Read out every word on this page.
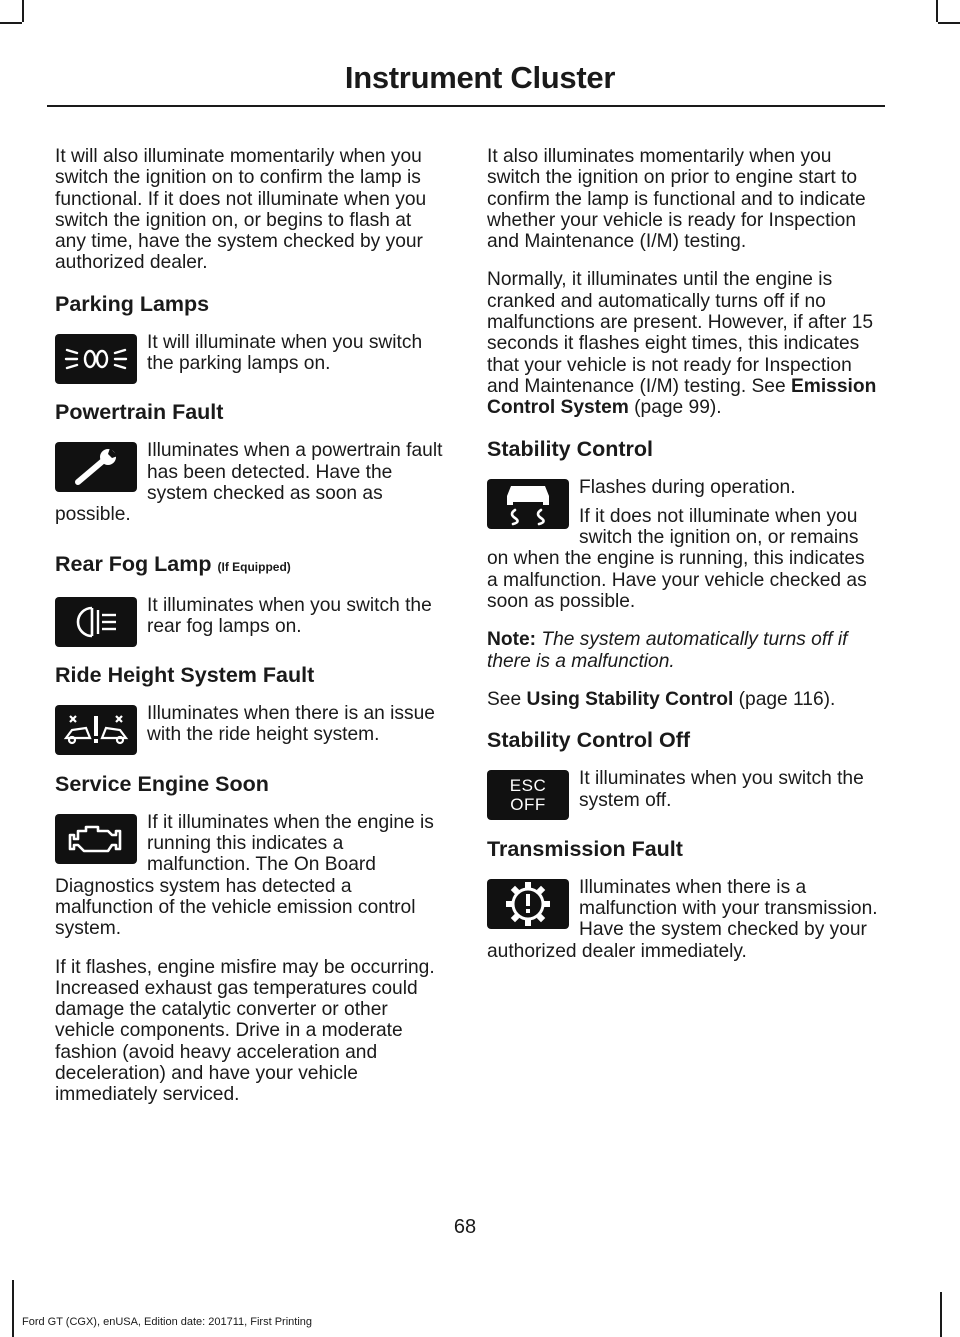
Instrument Cluster

It will also illuminate momentarily when you switch the ignition on to confirm the lamp is functional. If it does not illuminate when you switch the ignition on, or begins to flash at any time, have the system checked by your authorized dealer.

Parking Lamps

It will illuminate when you switch the parking lamps on.

Powertrain Fault

Illuminates when a powertrain fault has been detected. Have the system checked as soon as possible.

Rear Fog Lamp (If Equipped)

It illuminates when you switch the rear fog lamps on.

Ride Height System Fault

Illuminates when there is an issue with the ride height system.

Service Engine Soon

If it illuminates when the engine is running this indicates a malfunction. The On Board Diagnostics system has detected a malfunction of the vehicle emission control system.

If it flashes, engine misfire may be occurring. Increased exhaust gas temperatures could damage the catalytic converter or other vehicle components. Drive in a moderate fashion (avoid heavy acceleration and deceleration) and have your vehicle immediately serviced.

It also illuminates momentarily when you switch the ignition on prior to engine start to confirm the lamp is functional and to indicate whether your vehicle is ready for Inspection and Maintenance (I/M) testing.

Normally, it illuminates until the engine is cranked and automatically turns off if no malfunctions are present. However, if after 15 seconds it flashes eight times, this indicates that your vehicle is not ready for Inspection and Maintenance (I/M) testing. See Emission Control System (page 99).

Stability Control

Flashes during operation.

If it does not illuminate when you switch the ignition on, or remains on when the engine is running, this indicates a malfunction. Have your vehicle checked as soon as possible.

Note: The system automatically turns off if there is a malfunction.

See Using Stability Control (page 116).

Stability Control Off
ESC
OFF

It illuminates when you switch the system off.

Transmission Fault

Illuminates when there is a malfunction with your transmission. Have the system checked by your authorized dealer immediately.

68
Ford GT (CGX), enUSA, Edition date: 201711, First Printing
